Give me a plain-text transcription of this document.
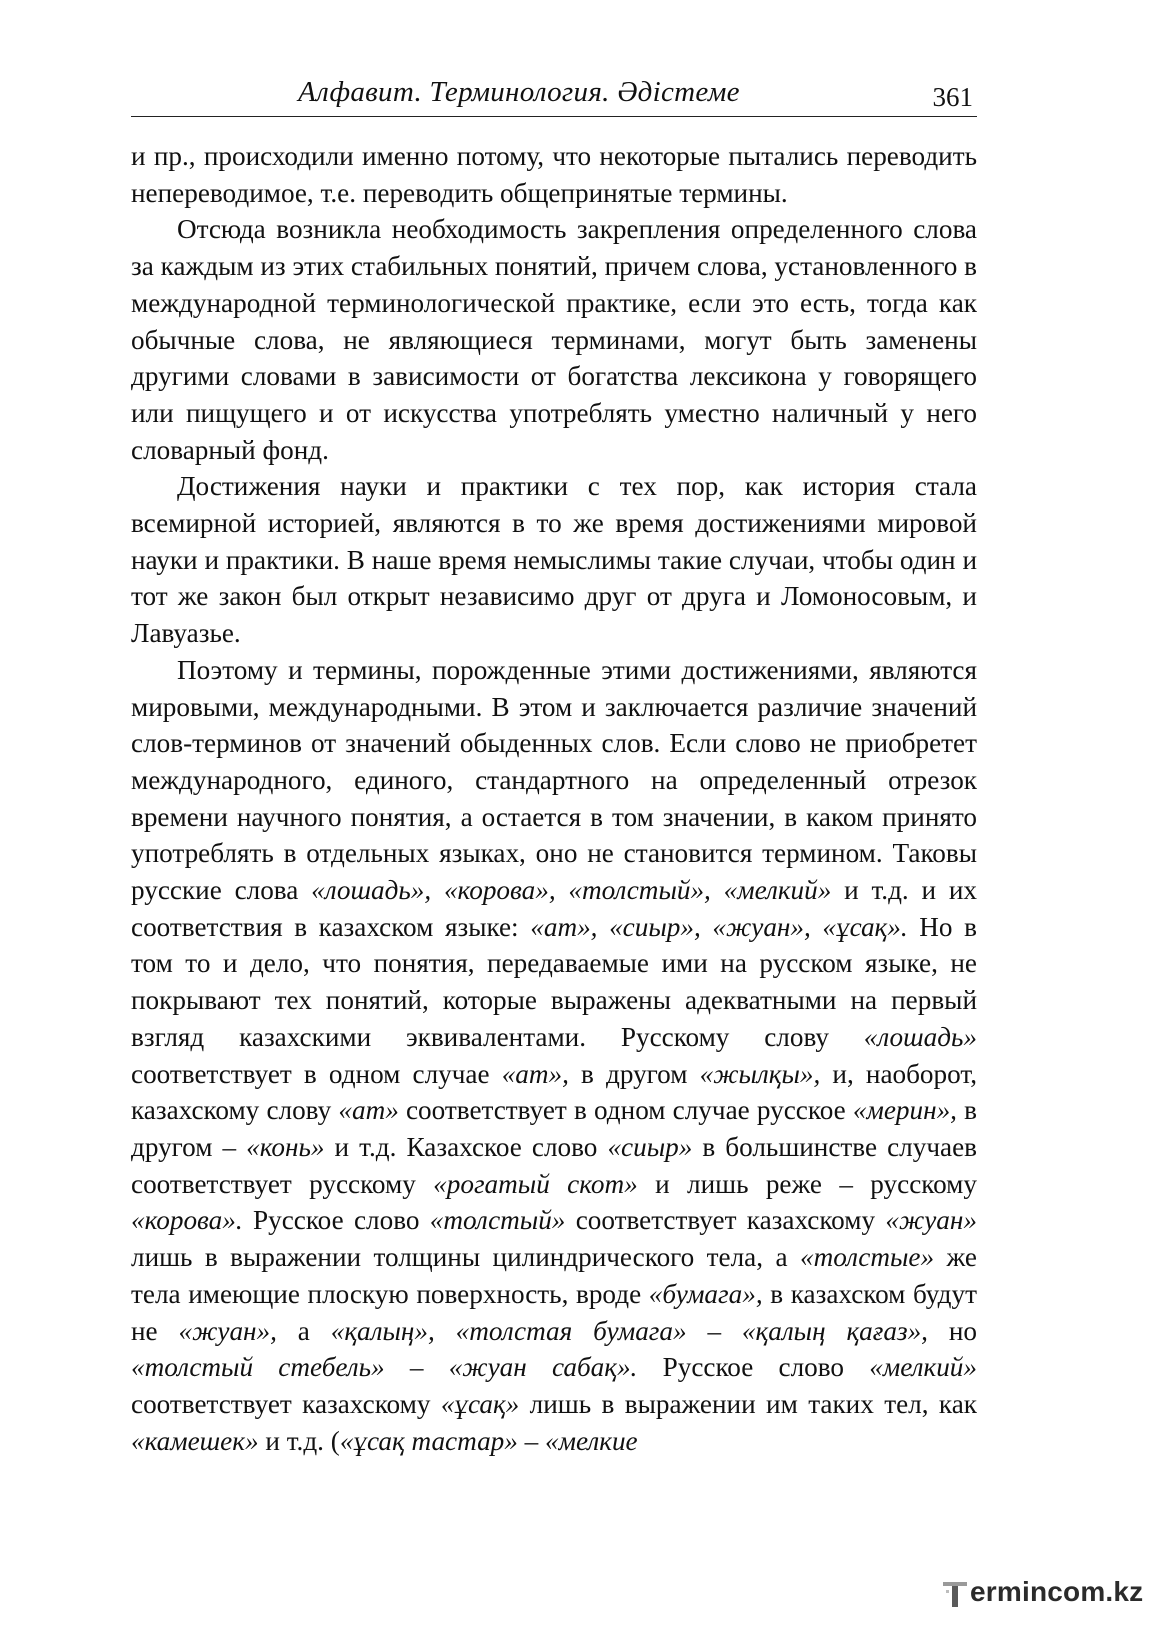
Алфавит. Терминология. Әдістеме	361

и пр., происходили именно потому, что некоторые пытались переводить непереводимое, т.е. переводить общепринятые термины.

Отсюда возникла необходимость закрепления определенного слова за каждым из этих стабильных понятий, причем слова, установленного в международной терминологической практике, если это есть, тогда как обычные слова, не являющиеся терминами, могут быть заменены другими словами в зависимости от богатства лексикона у говорящего или пищущего и от искусства употреблять уместно наличный у него словарный фонд.

Достижения науки и практики с тех пор, как история стала всемирной историей, являются в то же время достижениями мировой науки и практики. В наше время немыслимы такие случаи, чтобы один и тот же закон был открыт независимо друг от друга и Ломоносовым, и Лавуазье.

Поэтому и термины, порожденные этими достижениями, являются мировыми, международными. В этом и заключается различие значений слов-терминов от значений обыденных слов. Если слово не приобретет международного, единого, стандартного на определенный отрезок времени научного понятия, а остается в том значении, в каком принято употреблять в отдельных языках, оно не становится термином. Таковы русские слова «лошадь», «корова», «толстый», «мелкий» и т.д. и их соответствия в казахском языке: «ат», «сиыр», «жуан», «ұсақ». Но в том то и дело, что понятия, передаваемые ими на русском языке, не покрывают тех понятий, которые выражены адекватными на первый взгляд казахскими эквивалентами. Русскому слову «лошадь» соответствует в одном случае «ат», в другом «жылқы», и, наоборот, казахскому слову «ат» соответствует в одном случае русское «мерин», в другом – «конь» и т.д. Казахское слово «сиыр» в большинстве случаев соответствует русскому «рогатый скот» и лишь реже – русскому «корова». Русское слово «толстый» соответствует казахскому «жуан» лишь в выражении толщины цилиндрического тела, а «толстые» же тела имеющие плоскую поверхность, вроде «бумага», в казахском будут не «жуан», а «қалың», «толстая бумага» – «қалың қағаз», но «толстый стебель» – «жуан сабақ». Русское слово «мелкий» соответствует казахскому «ұсақ» лишь в выражении им таких тел, как «камешек» и т.д. («ұсақ тастар» – «мелкие

ermincom.kz
